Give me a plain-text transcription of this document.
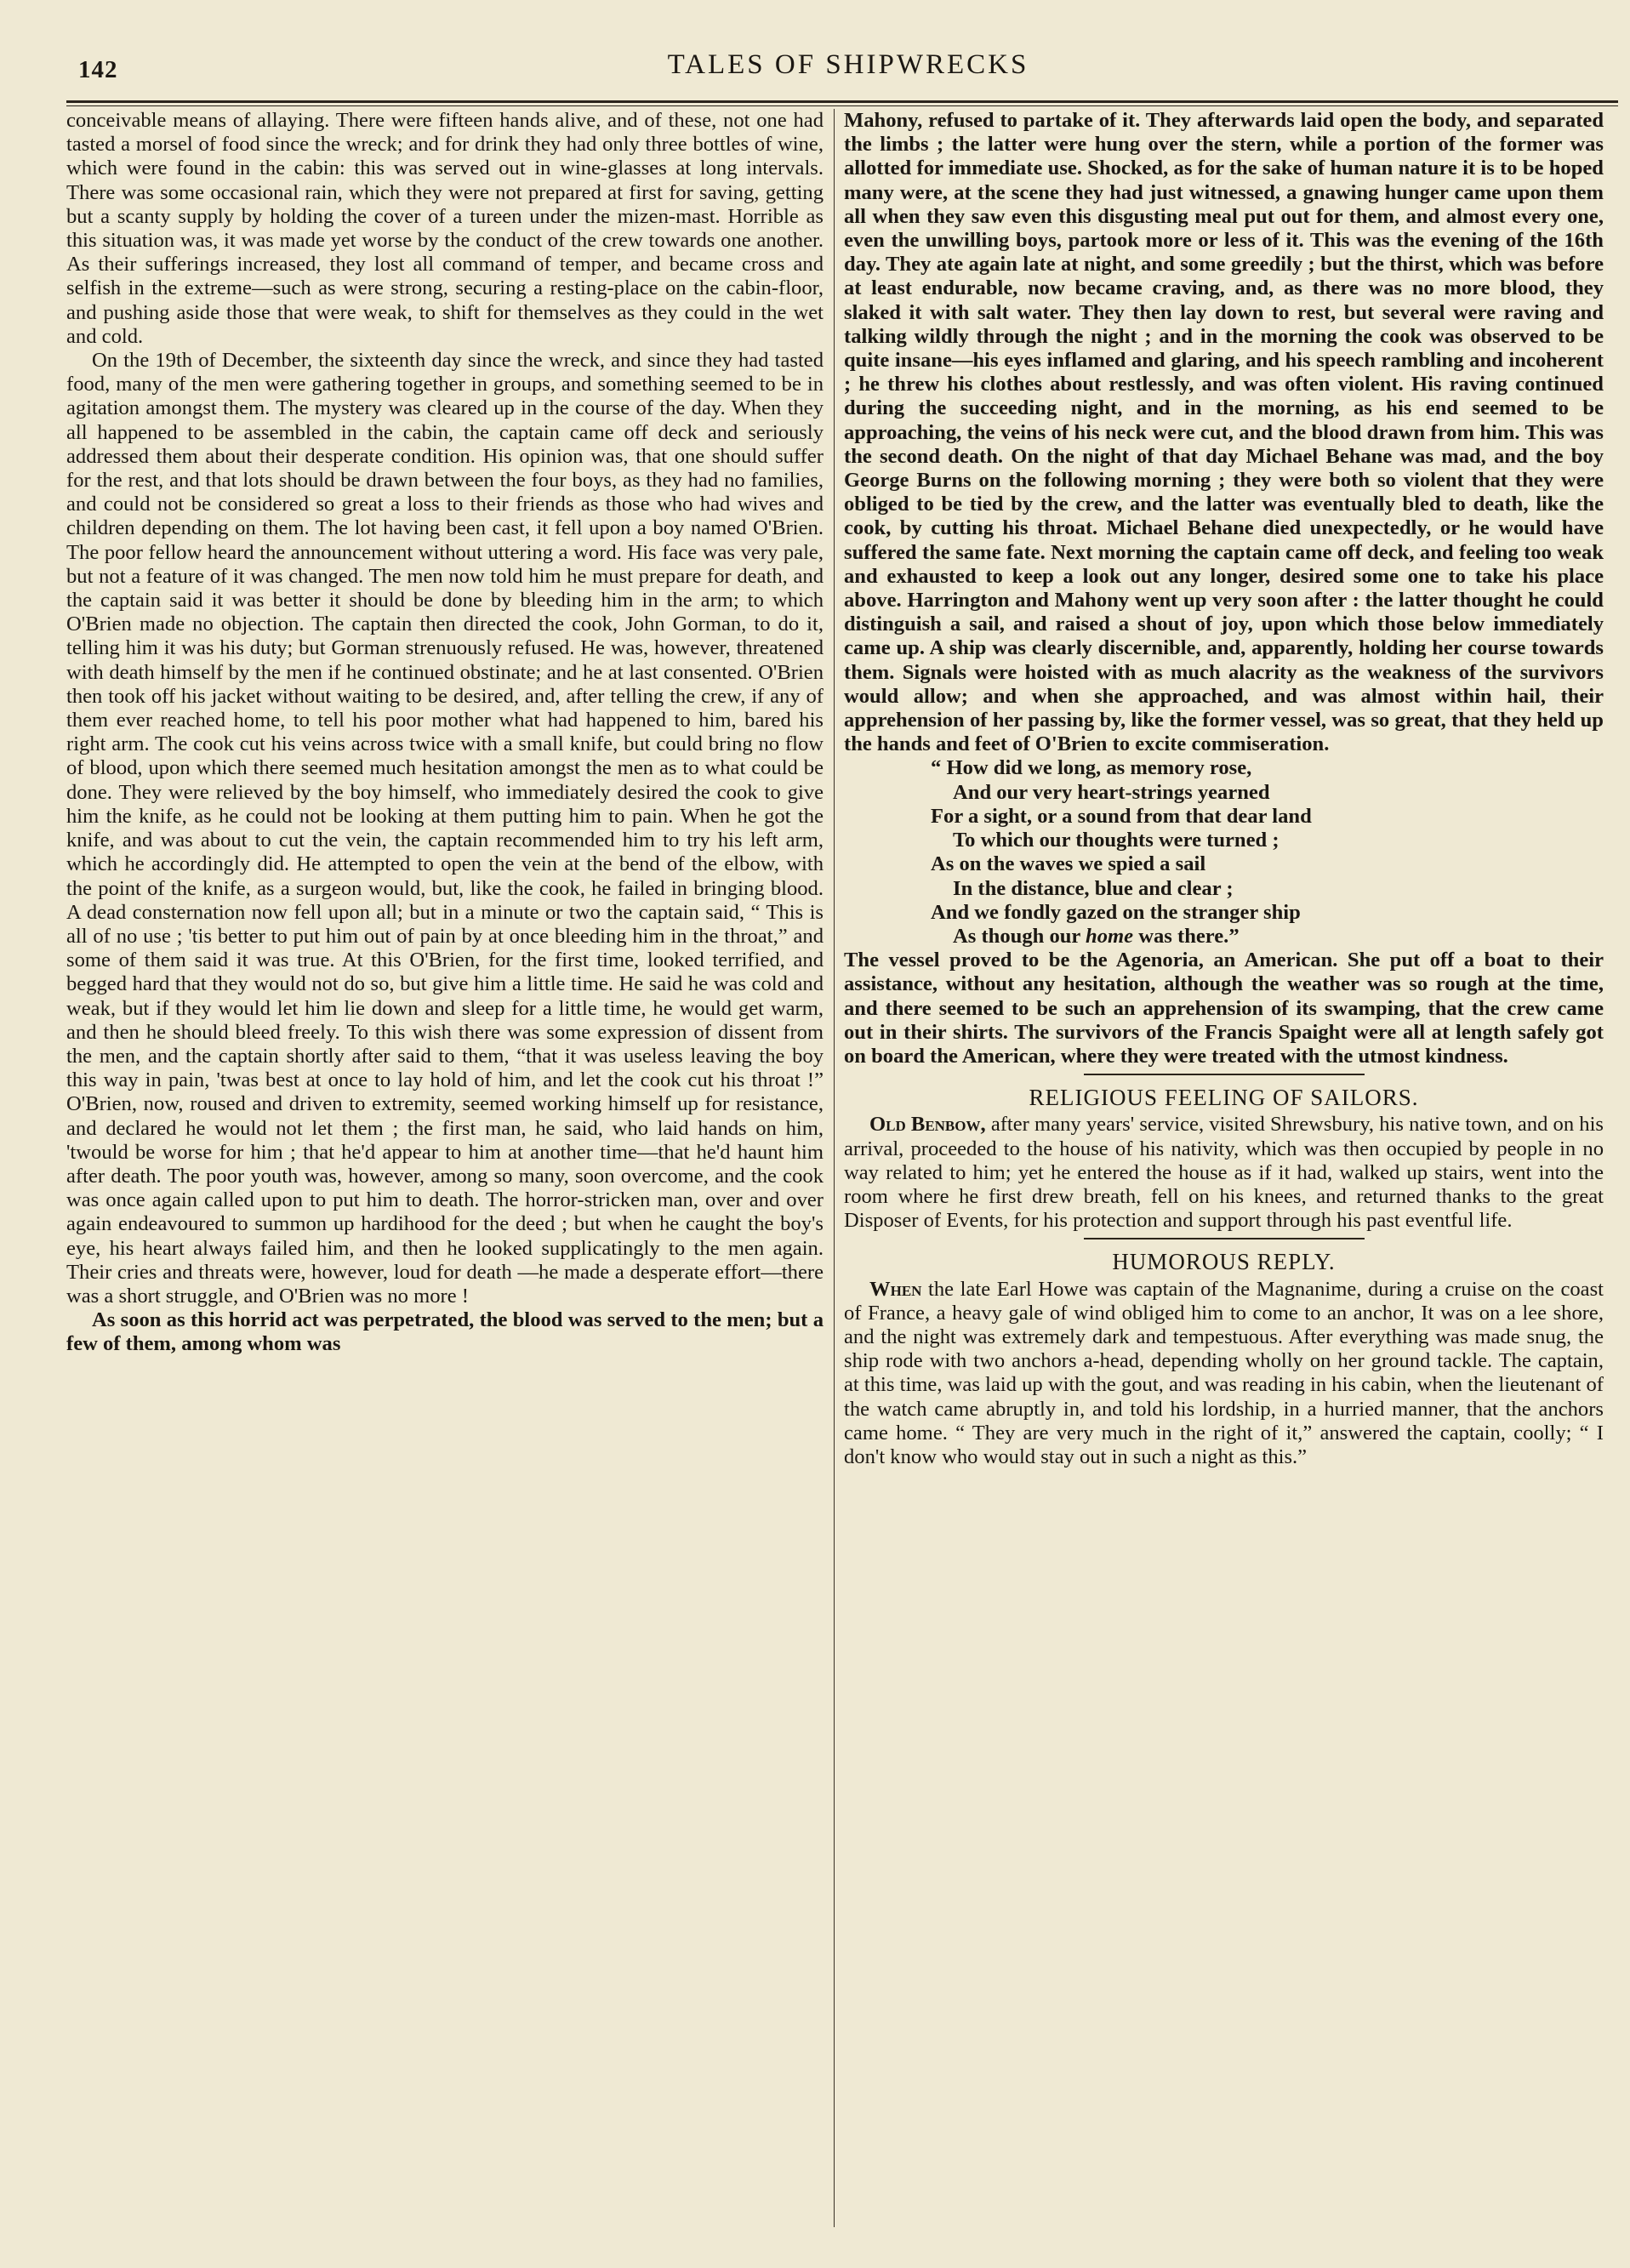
142	TALES OF SHIPWRECKS

conceivable means of allaying. There were fifteen hands alive, and of these, not one had tasted a morsel of food since the wreck; and for drink they had only three bottles of wine, which were found in the cabin: this was served out in wine-glasses at long intervals. There was some occasional rain, which they were not prepared at first for saving, getting but a scanty supply by holding the cover of a tureen under the mizen-mast. Horrible as this situation was, it was made yet worse by the conduct of the crew towards one another. As their sufferings increased, they lost all command of temper, and became cross and selfish in the extreme—such as were strong, securing a resting-place on the cabin-floor, and pushing aside those that were weak, to shift for themselves as they could in the wet and cold.

On the 19th of December, the sixteenth day since the wreck, and since they had tasted food, many of the men were gathering together in groups, and something seemed to be in agitation amongst them. The mystery was cleared up in the course of the day. When they all happened to be assembled in the cabin, the captain came off deck and seriously addressed them about their desperate condition. His opinion was, that one should suffer for the rest, and that lots should be drawn between the four boys, as they had no families, and could not be considered so great a loss to their friends as those who had wives and children depending on them. The lot having been cast, it fell upon a boy named O'Brien. The poor fellow heard the announcement without uttering a word. His face was very pale, but not a feature of it was changed. The men now told him he must prepare for death, and the captain said it was better it should be done by bleeding him in the arm; to which O'Brien made no objection. The captain then directed the cook, John Gorman, to do it, telling him it was his duty; but Gorman strenuously refused. He was, however, threatened with death himself by the men if he continued obstinate; and he at last consented. O'Brien then took off his jacket without waiting to be desired, and, after telling the crew, if any of them ever reached home, to tell his poor mother what had happened to him, bared his right arm. The cook cut his veins across twice with a small knife, but could bring no flow of blood, upon which there seemed much hesitation amongst the men as to what could be done. They were relieved by the boy himself, who immediately desired the cook to give him the knife, as he could not be looking at them putting him to pain. When he got the knife, and was about to cut the vein, the captain recommended him to try his left arm, which he accordingly did. He attempted to open the vein at the bend of the elbow, with the point of the knife, as a surgeon would, but, like the cook, he failed in bringing blood. A dead consternation now fell upon all; but in a minute or two the captain said, “ This is all of no use ; 'tis better to put him out of pain by at once bleeding him in the throat,” and some of them said it was true. At this O'Brien, for the first time, looked terrified, and begged hard that they would not do so, but give him a little time. He said he was cold and weak, but if they would let him lie down and sleep for a little time, he would get warm, and then he should bleed freely. To this wish there was some expression of dissent from the men, and the captain shortly after said to them, “that it was useless leaving the boy this way in pain, 'twas best at once to lay hold of him, and let the cook cut his throat !” O'Brien, now, roused and driven to extremity, seemed working himself up for resistance, and declared he would not let them ; the first man, he said, who laid hands on him, 'twould be worse for him ; that he'd appear to him at another time—that he'd haunt him after death. The poor youth was, however, among so many, soon overcome, and the cook was once again called upon to put him to death. The horror-stricken man, over and over again endeavoured to summon up hardihood for the deed ; but when he caught the boy's eye, his heart always failed him, and then he looked supplicatingly to the men again. Their cries and threats were, however, loud for death —he made a desperate effort—there was a short struggle, and O'Brien was no more !

As soon as this horrid act was perpetrated, the blood was served to the men; but a few of them, among whom was

Mahony, refused to partake of it. They afterwards laid open the body, and separated the limbs ; the latter were hung over the stern, while a portion of the former was allotted for immediate use. Shocked, as for the sake of human nature it is to be hoped many were, at the scene they had just witnessed, a gnawing hunger came upon them all when they saw even this disgusting meal put out for them, and almost every one, even the unwilling boys, partook more or less of it. This was the evening of the 16th day. They ate again late at night, and some greedily ; but the thirst, which was before at least endurable, now became craving, and, as there was no more blood, they slaked it with salt water. They then lay down to rest, but several were raving and talking wildly through the night ; and in the morning the cook was observed to be quite insane—his eyes inflamed and glaring, and his speech rambling and incoherent ; he threw his clothes about restlessly, and was often violent. His raving continued during the succeeding night, and in the morning, as his end seemed to be approaching, the veins of his neck were cut, and the blood drawn from him. This was the second death. On the night of that day Michael Behane was mad, and the boy George Burns on the following morning ; they were both so violent that they were obliged to be tied by the crew, and the latter was eventually bled to death, like the cook, by cutting his throat. Michael Behane died unexpectedly, or he would have suffered the same fate. Next morning the captain came off deck, and feeling too weak and exhausted to keep a look out any longer, desired some one to take his place above. Harrington and Mahony went up very soon after : the latter thought he could distinguish a sail, and raised a shout of joy, upon which those below immediately came up. A ship was clearly discernible, and, apparently, holding her course towards them. Signals were hoisted with as much alacrity as the weakness of the survivors would allow; and when she approached, and was almost within hail, their apprehension of her passing by, like the former vessel, was so great, that they held up the hands and feet of O'Brien to excite commiseration.

“ How did we long, as memory rose,
And our very heart-strings yearned
For a sight, or a sound from that dear land
To which our thoughts were turned ;
As on the waves we spied a sail
In the distance, blue and clear ;
And we fondly gazed on the stranger ship
As though our home was there.”

The vessel proved to be the Agenoria, an American. She put off a boat to their assistance, without any hesitation, although the weather was so rough at the time, and there seemed to be such an apprehension of its swamping, that the crew came out in their shirts. The survivors of the Francis Spaight were all at length safely got on board the American, where they were treated with the utmost kindness.

RELIGIOUS FEELING OF SAILORS.

Old Benbow, after many years' service, visited Shrewsbury, his native town, and on his arrival, proceeded to the house of his nativity, which was then occupied by people in no way related to him; yet he entered the house as if it had, walked up stairs, went into the room where he first drew breath, fell on his knees, and returned thanks to the great Disposer of Events, for his protection and support through his past eventful life.

HUMOROUS REPLY.

When the late Earl Howe was captain of the Magnanime, during a cruise on the coast of France, a heavy gale of wind obliged him to come to an anchor, It was on a lee shore, and the night was extremely dark and tempestuous. After everything was made snug, the ship rode with two anchors a-head, depending wholly on her ground tackle. The captain, at this time, was laid up with the gout, and was reading in his cabin, when the lieutenant of the watch came abruptly in, and told his lordship, in a hurried manner, that the anchors came home. “ They are very much in the right of it,” answered the captain, coolly; “ I don't know who would stay out in such a night as this.”
